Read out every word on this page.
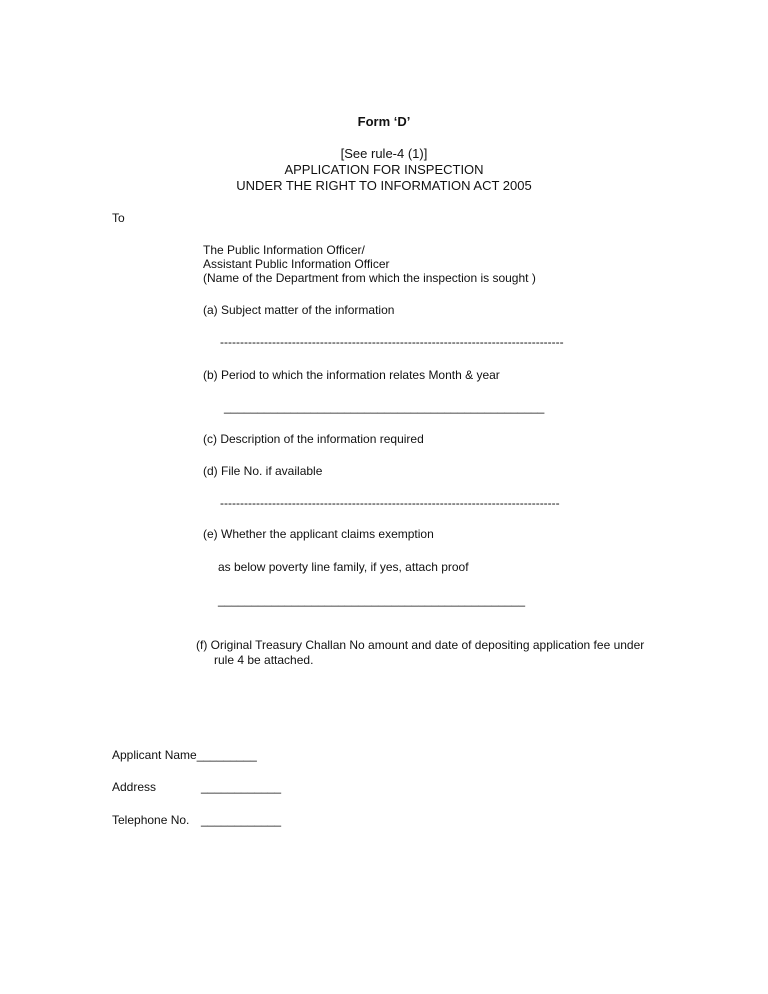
Form ‘D’
[See rule-4 (1)]
APPLICATION FOR INSPECTION
UNDER THE RIGHT TO INFORMATION ACT 2005
To
The Public Information Officer/
Assistant Public Information Officer
(Name of the Department from which the inspection is sought )
(a) Subject matter of the information
--------------------------------------------------------------------------------------
(b) Period to which the information relates Month & year
________________________________________________
(c) Description of the information required
(d) File No. if available
-------------------------------------------------------------------------------------
(e) Whether the applicant claims exemption
as below poverty line family, if yes, attach proof
______________________________________________
(f) Original Treasury Challan No amount and date of depositing application fee under
rule 4 be attached.
Applicant Name_________
Address	____________
Telephone No. ____________
